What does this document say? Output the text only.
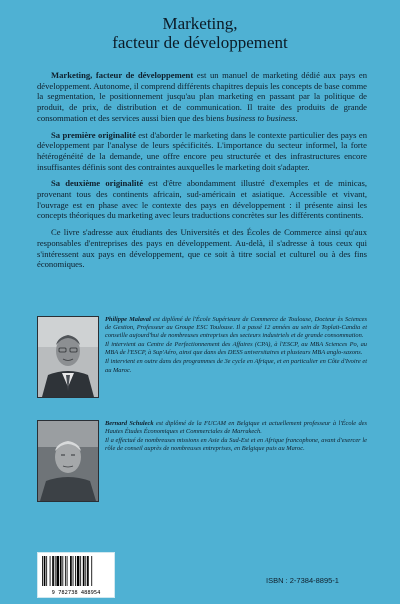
Marketing,
facteur de développement

Marketing, facteur de développement est un manuel de marketing dédié aux pays en développement. Autonome, il comprend différents chapitres depuis les concepts de base comme la segmentation, le positionnement jusqu'au plan marketing en passant par la politique de produit, de prix, de distribution et de communication. Il traite des produits de grande consommation et des services aussi bien que des biens business to business.

Sa première originalité est d'aborder le marketing dans le contexte particulier des pays en développement par l'analyse de leurs spécificités. L'importance du secteur informel, la forte hétérogénéité de la demande, une offre encore peu structurée et des infrastructures encore insuffisantes définis sont des contraintes auxquelles le marketing doit s'adapter.

Sa deuxième originalité est d'être abondamment illustré d'exemples et de minicas, provenant tous des continents africain, sud-américain et asiatique. Accessible et vivant, l'ouvrage est en phase avec le contexte des pays en développement : il présente ainsi les concepts théoriques du marketing avec leurs traductions concrètes sur les différents continents.

Ce livre s'adresse aux étudiants des Universités et des Écoles de Commerce ainsi qu'aux responsables d'entreprises des pays en développement. Au-delà, il s'adresse à tous ceux qui s'intéressent aux pays en développement, que ce soit à titre social et culturel ou à des fins économiques.

Philippe Malaval est diplômé de l'École Supérieure de Commerce de Toulouse, Docteur ès Sciences de Gestion, Professeur au Groupe ESC Toulouse. Il a passé 12 années au sein de Toplait-Candia et conseille aujourd'hui de nombreuses entreprises des secteurs industriels et de grande consommation.

Il intervient au Centre de Perfectionnement des Affaires (CPA), à l'ESCP, au MBA Sciences Po, au MBA de l'ESCP, à Sup'Aéro, ainsi que dans des DESS universitaires et plusieurs MBA anglo-saxons.

Il intervient en outre dans des programmes de 3e cycle en Afrique, et en particulier en Côte d'Ivoire et au Maroc.

Bernard Schuleck est diplômé de la FUCAM en Belgique et actuellement professeur à l'École des Hautes Études Économiques et Commerciales de Marrakech.

Il a effectué de nombreuses missions en Asie du Sud-Est et en Afrique francophone, avant d'exercer le rôle de conseil auprès de nombreuses entreprises, en Belgique puis au Maroc.

9 782738 488954
ISBN : 2-7384-8895-1
